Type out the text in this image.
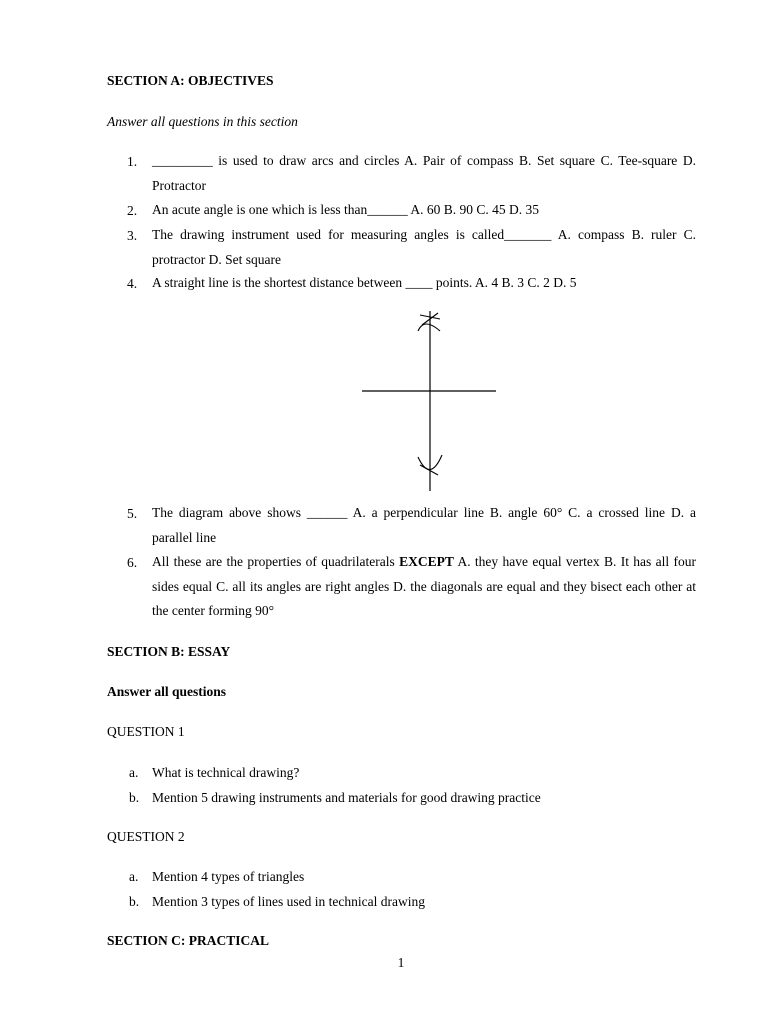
SECTION A: OBJECTIVES
Answer all questions in this section
1. _________ is used to draw arcs and circles A. Pair of compass B. Set square C. Tee-square D. Protractor
2. An acute angle is one which is less than______ A. 60 B. 90 C. 45 D. 35
3. The drawing instrument used for measuring angles is called_______ A. compass B. ruler C. protractor D. Set square
4. A straight line is the shortest distance between ____ points. A. 4 B. 3 C. 2 D. 5
5. The diagram above shows ______ A. a perpendicular line B. angle 60° C. a crossed line D. a parallel line
6. All these are the properties of quadrilaterals EXCEPT A. they have equal vertex B. It has all four sides equal C. all its angles are right angles D. the diagonals are equal and they bisect each other at the center forming 90°
SECTION B: ESSAY
Answer all questions
QUESTION 1
a. What is technical drawing?
b. Mention 5 drawing instruments and materials for good drawing practice
QUESTION 2
a. Mention 4 types of triangles
b. Mention 3 types of lines used in technical drawing
SECTION C: PRACTICAL
1
